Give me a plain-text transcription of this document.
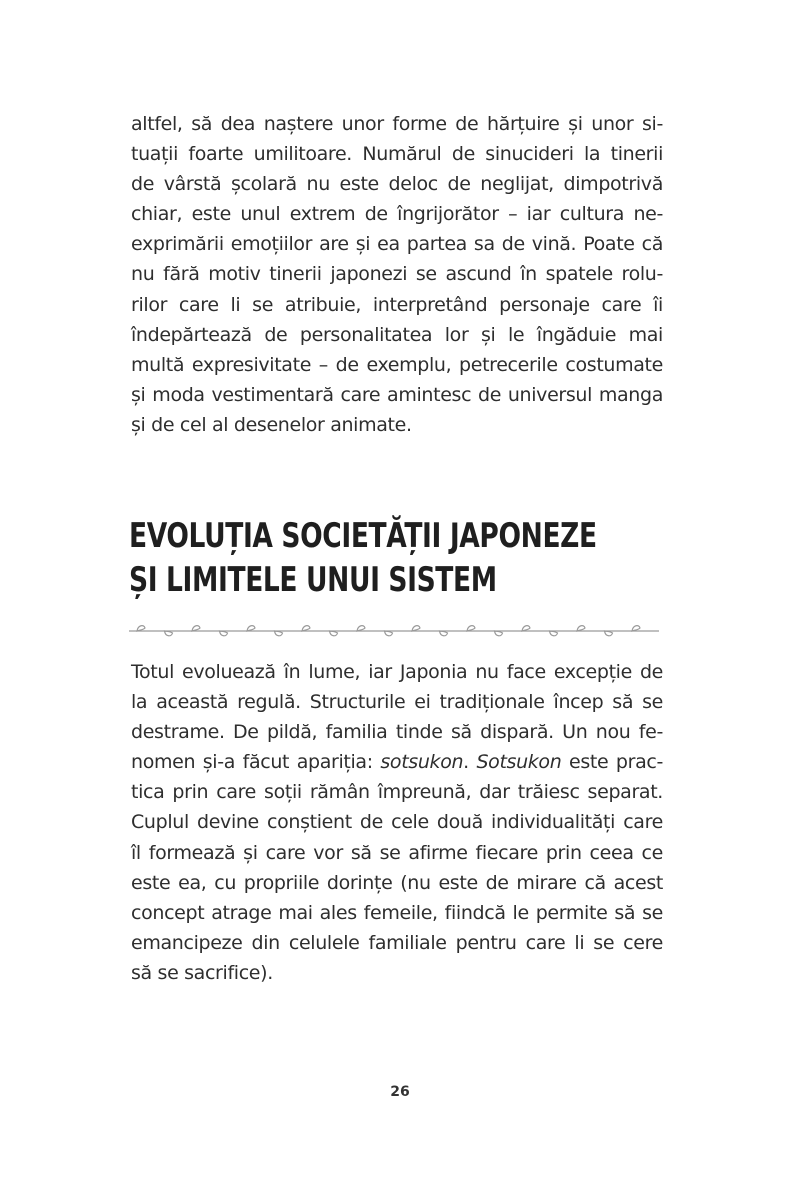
altfel, să dea naștere unor forme de hărțuire și unor si-
tuații foarte umilitoare. Numărul de sinucideri la tinerii
de vârstă școlară nu este deloc de neglijat, dimpotrivă
chiar, este unul extrem de îngrijorător – iar cultura ne-
exprimării emoțiilor are și ea partea sa de vină. Poate că
nu fără motiv tinerii japonezi se ascund în spatele rolu-
rilor care li se atribuie, interpretând personaje care îi
îndepărtează de personalitatea lor și le îngăduie mai
multă expresivitate – de exemplu, petrecerile costumate
și moda vestimentară care amintesc de universul manga
și de cel al desenelor animate.

EVOLUȚIA SOCIETĂȚII JAPONEZE
ȘI LIMITELE UNUI SISTEM

Totul evoluează în lume, iar Japonia nu face excepție de
la această regulă. Structurile ei tradiționale încep să se
destrame. De pildă, familia tinde să dispară. Un nou fe-
nomen și-a făcut apariția: sotsukon. Sotsukon este prac-
tica prin care soții rămân împreună, dar trăiesc separat.
Cuplul devine conștient de cele două individualități care
îl formează și care vor să se afirme fiecare prin ceea ce
este ea, cu propriile dorințe (nu este de mirare că acest
concept atrage mai ales femeile, fiindcă le permite să se
emancipeze din celulele familiale pentru care li se cere
să se sacrifice).

26
